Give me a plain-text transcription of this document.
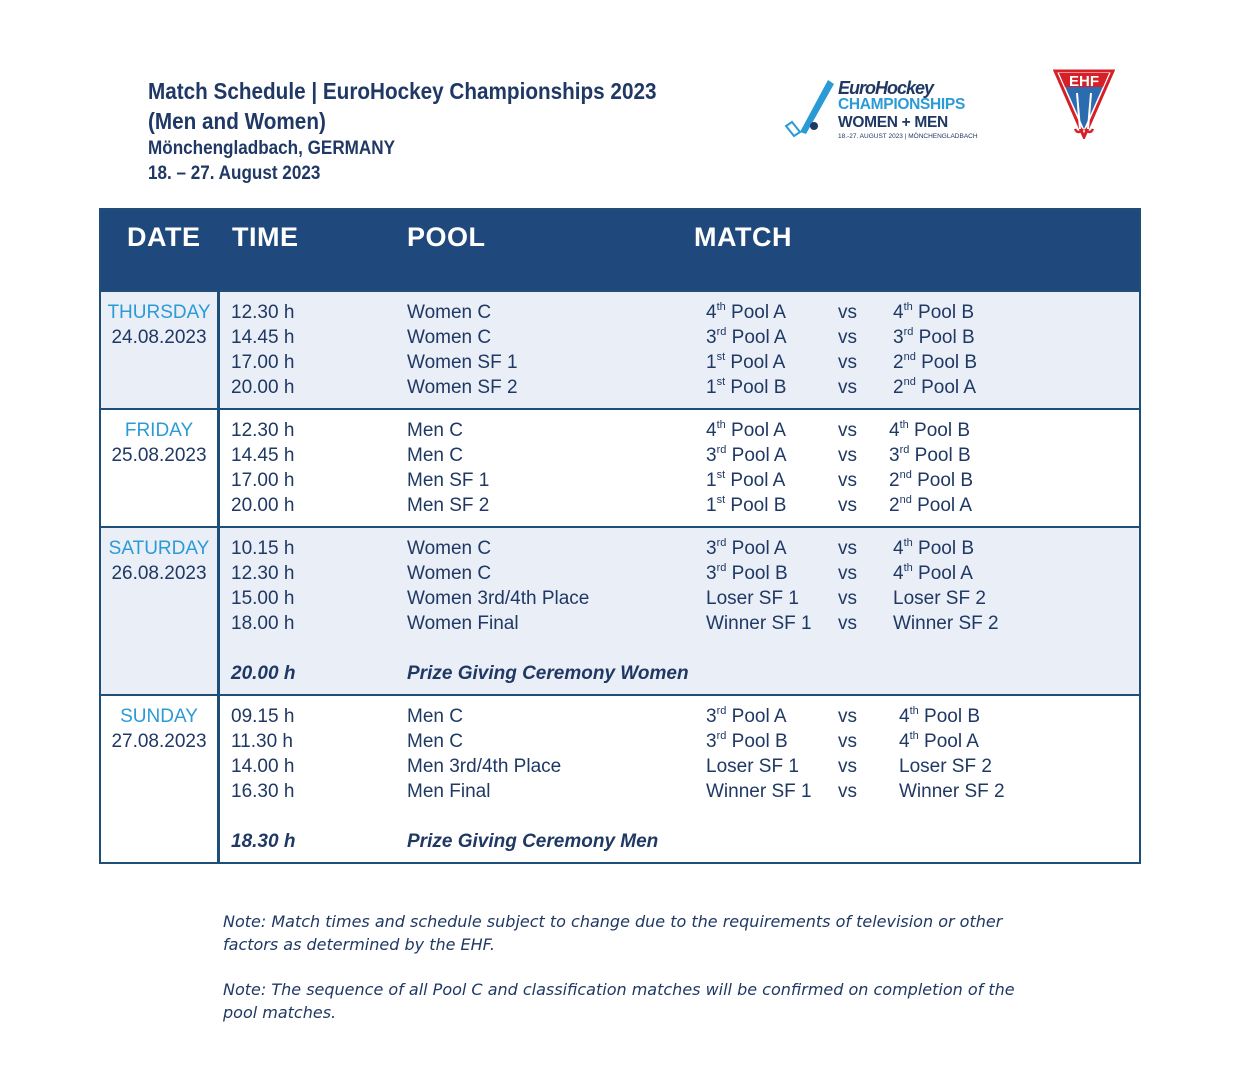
Match Schedule | EuroHockey Championships 2023
(Men and Women)
Mönchengladbach, GERMANY
18. – 27. August 2023
EuroHockey
CHAMPIONSHIPS
WOMEN + MEN
18.-27. AUGUST 2023 | MÖNCHENGLADBACH
EHF
DATE TIME	POOL	MATCH
THURSDAY
24.08.2023
12.30 h	Women C	4th Pool A	vs 4th Pool B
14.45 h	Women C	3rd Pool A	vs 3rd Pool B
17.00 h	Women SF 1	1st Pool A	vs 2nd Pool B
20.00 h	Women SF 2	1st Pool B	vs 2nd Pool A
FRIDAY
25.08.2023
12.30 h	Men C	4th Pool A	vs 4th Pool B
14.45 h	Men C	3rd Pool A	vs 3rd Pool B
17.00 h	Men SF 1	1st Pool A	vs 2nd Pool B
20.00 h	Men SF 2	1st Pool B	vs 2nd Pool A
SATURDAY
26.08.2023
10.15 h	Women C	3rd Pool A	vs 4th Pool B
12.30 h	Women C	3rd Pool B	vs 4th Pool A
15.00 h	Women 3rd/4th Place	Loser SF 1 vs Loser SF 2
18.00 h	Women Final	Winner SF 1 vs Winner SF 2
20.00 h	Prize Giving Ceremony Women
SUNDAY
27.08.2023
09.15 h	Men C	3rd Pool A	vs 4th Pool B
11.30 h	Men C	3rd Pool B	vs 4th Pool A
14.00 h	Men 3rd/4th Place	Loser SF 1 vs Loser SF 2
16.30 h	Men Final	Winner SF 1 vs Winner SF 2
18.30 h	Prize Giving Ceremony Men

Note: Match times and schedule subject to change due to the requirements of television or other factors as determined by the EHF.

Note: The sequence of all Pool C and classification matches will be confirmed on completion of the pool matches.
